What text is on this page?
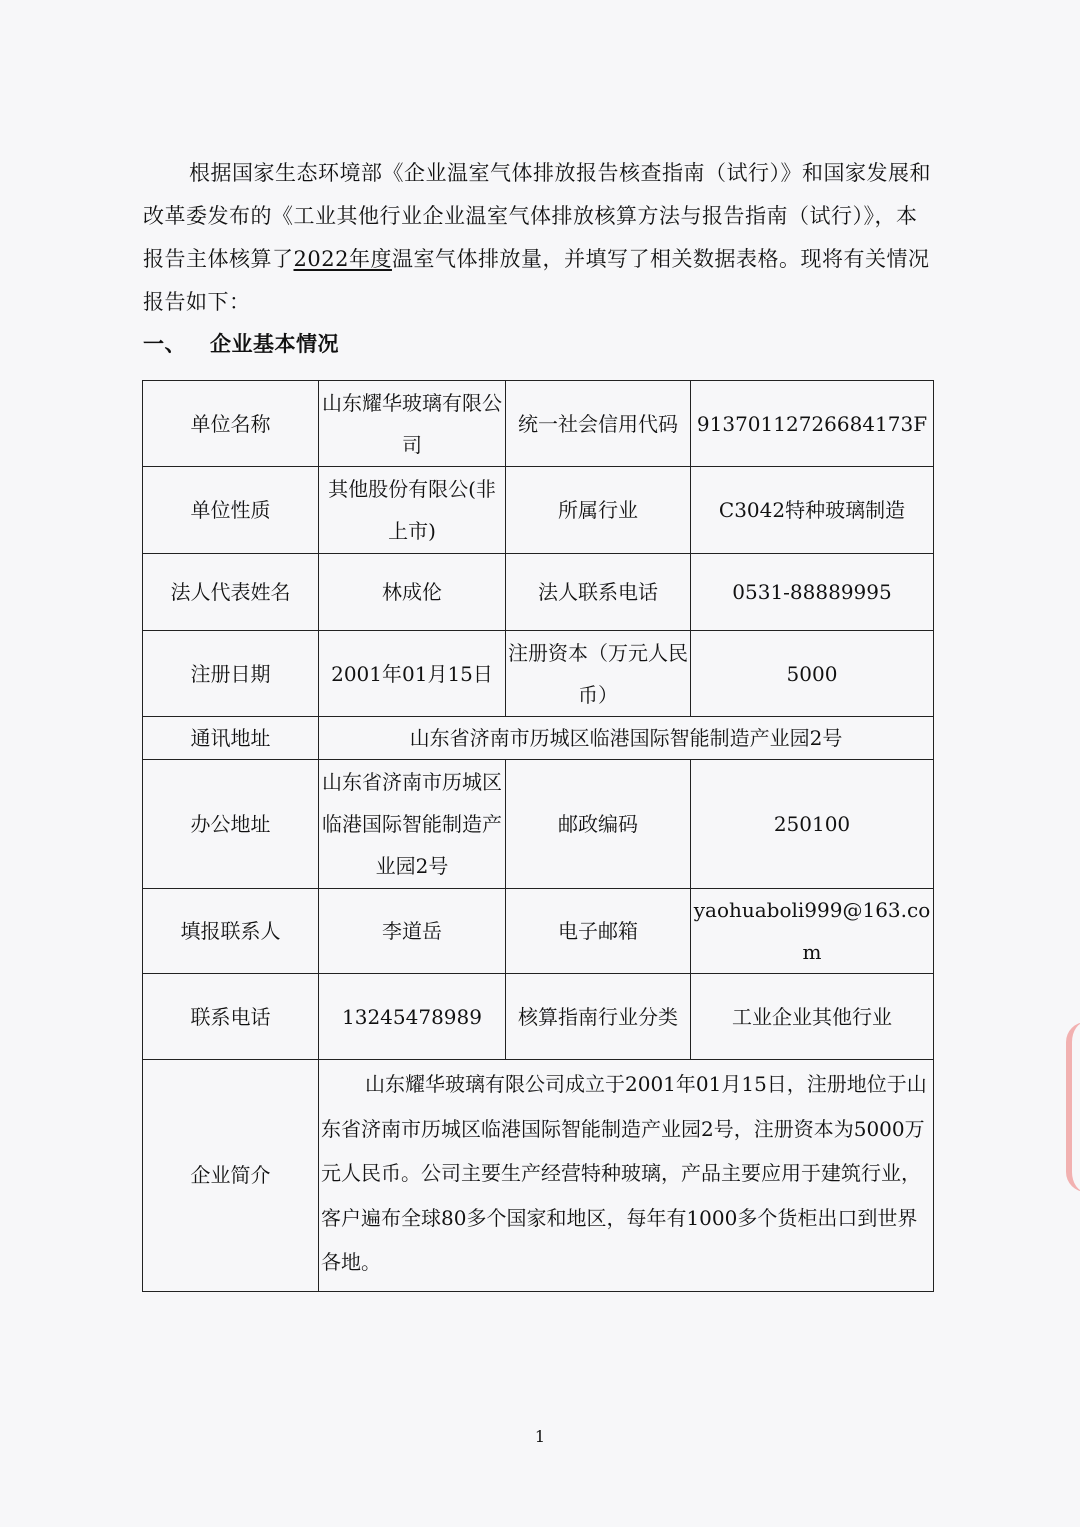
根据国家生态环境部《企业温室气体排放报告核查指南（试行）》和国家发展和改革委发布的《工业其他行业企业温室气体排放核算方法与报告指南（试行）》，本报告主体核算了2022年度温室气体排放量，并填写了相关数据表格。现将有关情况报告如下：

一、 企业基本情况
单位名称	山东耀华玻璃有限公司	统一社会信用代码	91370112726684173F
单位性质	其他股份有限公(非上市)	所属行业	C3042特种玻璃制造
法人代表姓名	林成伦	法人联系电话	0531-88889995
注册日期	2001年01月15日	注册资本（万元人民币）	5000
通讯地址	山东省济南市历城区临港国际智能制造产业园2号		
办公地址	山东省济南市历城区临港国际智能制造产业园2号	邮政编码	250100
填报联系人	李道岳	电子邮箱	yaohuaboli999@163.com
联系电话	13245478989	核算指南行业分类	工业企业其他行业
企业简介	山东耀华玻璃有限公司成立于2001年01月15日，注册地位于山东省济南市历城区临港国际智能制造产业园2号，注册资本为5000万元人民币。公司主要生产经营特种玻璃，产品主要应用于建筑行业，客户遍布全球80多个国家和地区，每年有1000多个货柜出口到世界各地。		
1
